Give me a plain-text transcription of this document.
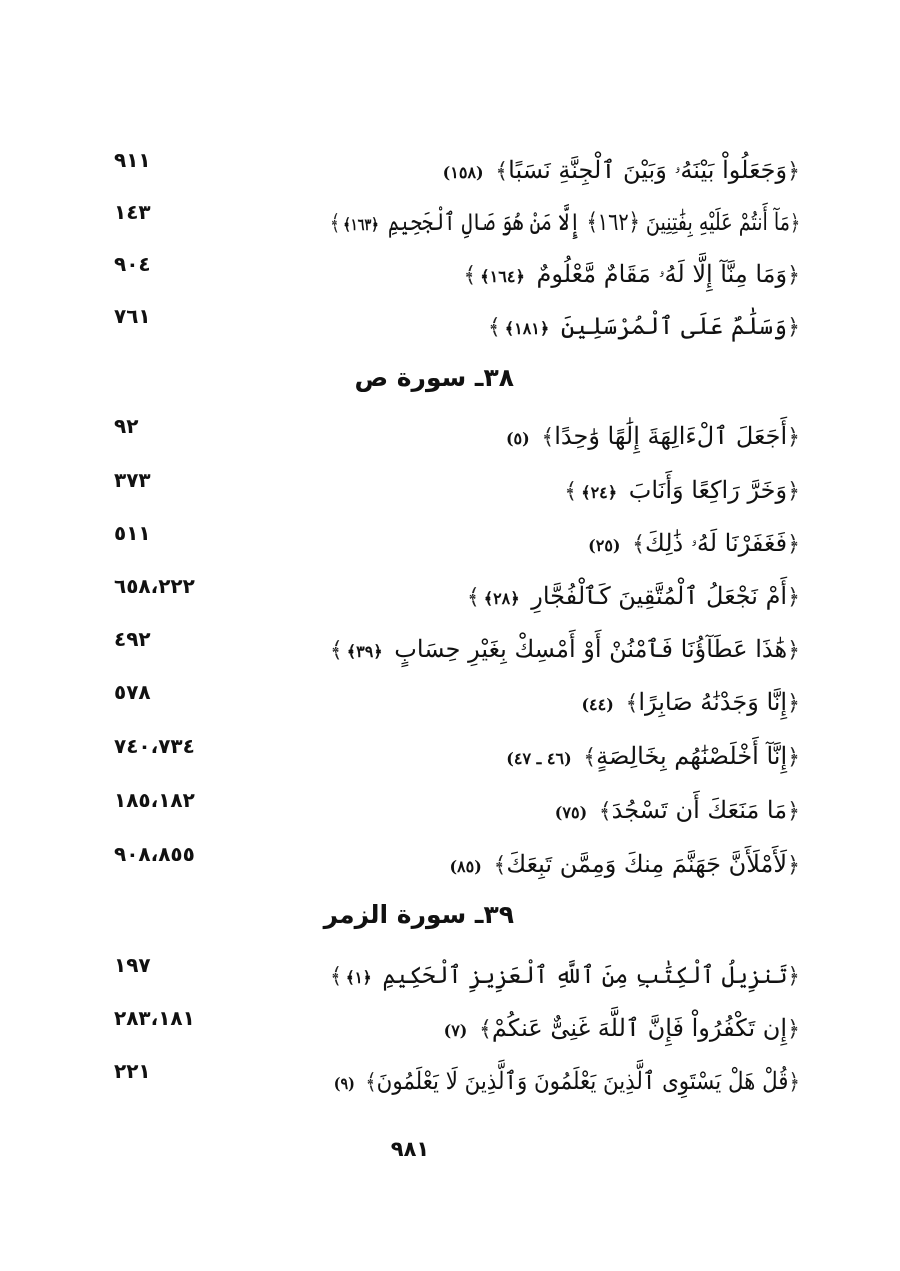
﴿وَجَعَلُواْ بَيْنَهُۥ وَبَيْنَ ٱلْجِنَّةِ نَسَبًا﴾ (١٥٨)
٩١١
﴿مَآ أَنتُمْ عَلَيْهِ بِفَٰتِنِينَ ﴿١٦٢﴾ إِلَّا مَنْ هُوَ صَالِ ٱلْجَحِيمِ ﴿١٦٣﴾﴾
١٤٣
﴿وَمَا مِنَّآ إِلَّا لَهُۥ مَقَامٌ مَّعْلُومٌ ﴿١٦٤﴾﴾
٩٠٤
﴿وَسَلَٰمٌ عَلَى ٱلْمُرْسَلِينَ ﴿١٨١﴾﴾
٧٦١
٣٨ـ سورة ص
﴿أَجَعَلَ ٱلْءَالِهَةَ إِلَٰهًا وَٰحِدًا﴾ (٥)
٩٢
﴿وَخَرَّ رَاكِعًا وَأَنَابَ ﴿٢٤﴾﴾
٣٧٣
﴿فَغَفَرْنَا لَهُۥ ذَٰلِكَ﴾ (٢٥)
٥١١
﴿أَمْ نَجْعَلُ ٱلْمُتَّقِينَ كَٱلْفُجَّارِ ﴿٢٨﴾﴾
٦٥٨،٢٢٢
﴿هَٰذَا عَطَآؤُنَا فَٱمْنُنْ أَوْ أَمْسِكْ بِغَيْرِ حِسَابٍ ﴿٣٩﴾﴾
٤٩٢
﴿إِنَّا وَجَدْنَٰهُ صَابِرًا﴾ (٤٤)
٥٧٨
﴿إِنَّآ أَخْلَصْنَٰهُم بِخَالِصَةٍ﴾ (٤٦ ـ ٤٧)
٧٤٠،٧٣٤
﴿مَا مَنَعَكَ أَن تَسْجُدَ﴾ (٧٥)
١٨٥،١٨٢
﴿لَأَمْلَأَنَّ جَهَنَّمَ مِنكَ وَمِمَّن تَبِعَكَ﴾ (٨٥)
٩٠٨،٨٥٥
٣٩ـ سورة الزمر
﴿تَنزِيلُ ٱلْكِتَٰبِ مِنَ ٱللَّهِ ٱلْعَزِيزِ ٱلْحَكِيمِ ﴿١﴾﴾
١٩٧
﴿إِن تَكْفُرُواْ فَإِنَّ ٱللَّهَ غَنِىٌّ عَنكُمْ﴾ (٧)
٢٨٣،١٨١
﴿قُلْ هَلْ يَسْتَوِى ٱلَّذِينَ يَعْلَمُونَ وَٱلَّذِينَ لَا يَعْلَمُونَ﴾ (٩)
٢٢١
٩٨١
